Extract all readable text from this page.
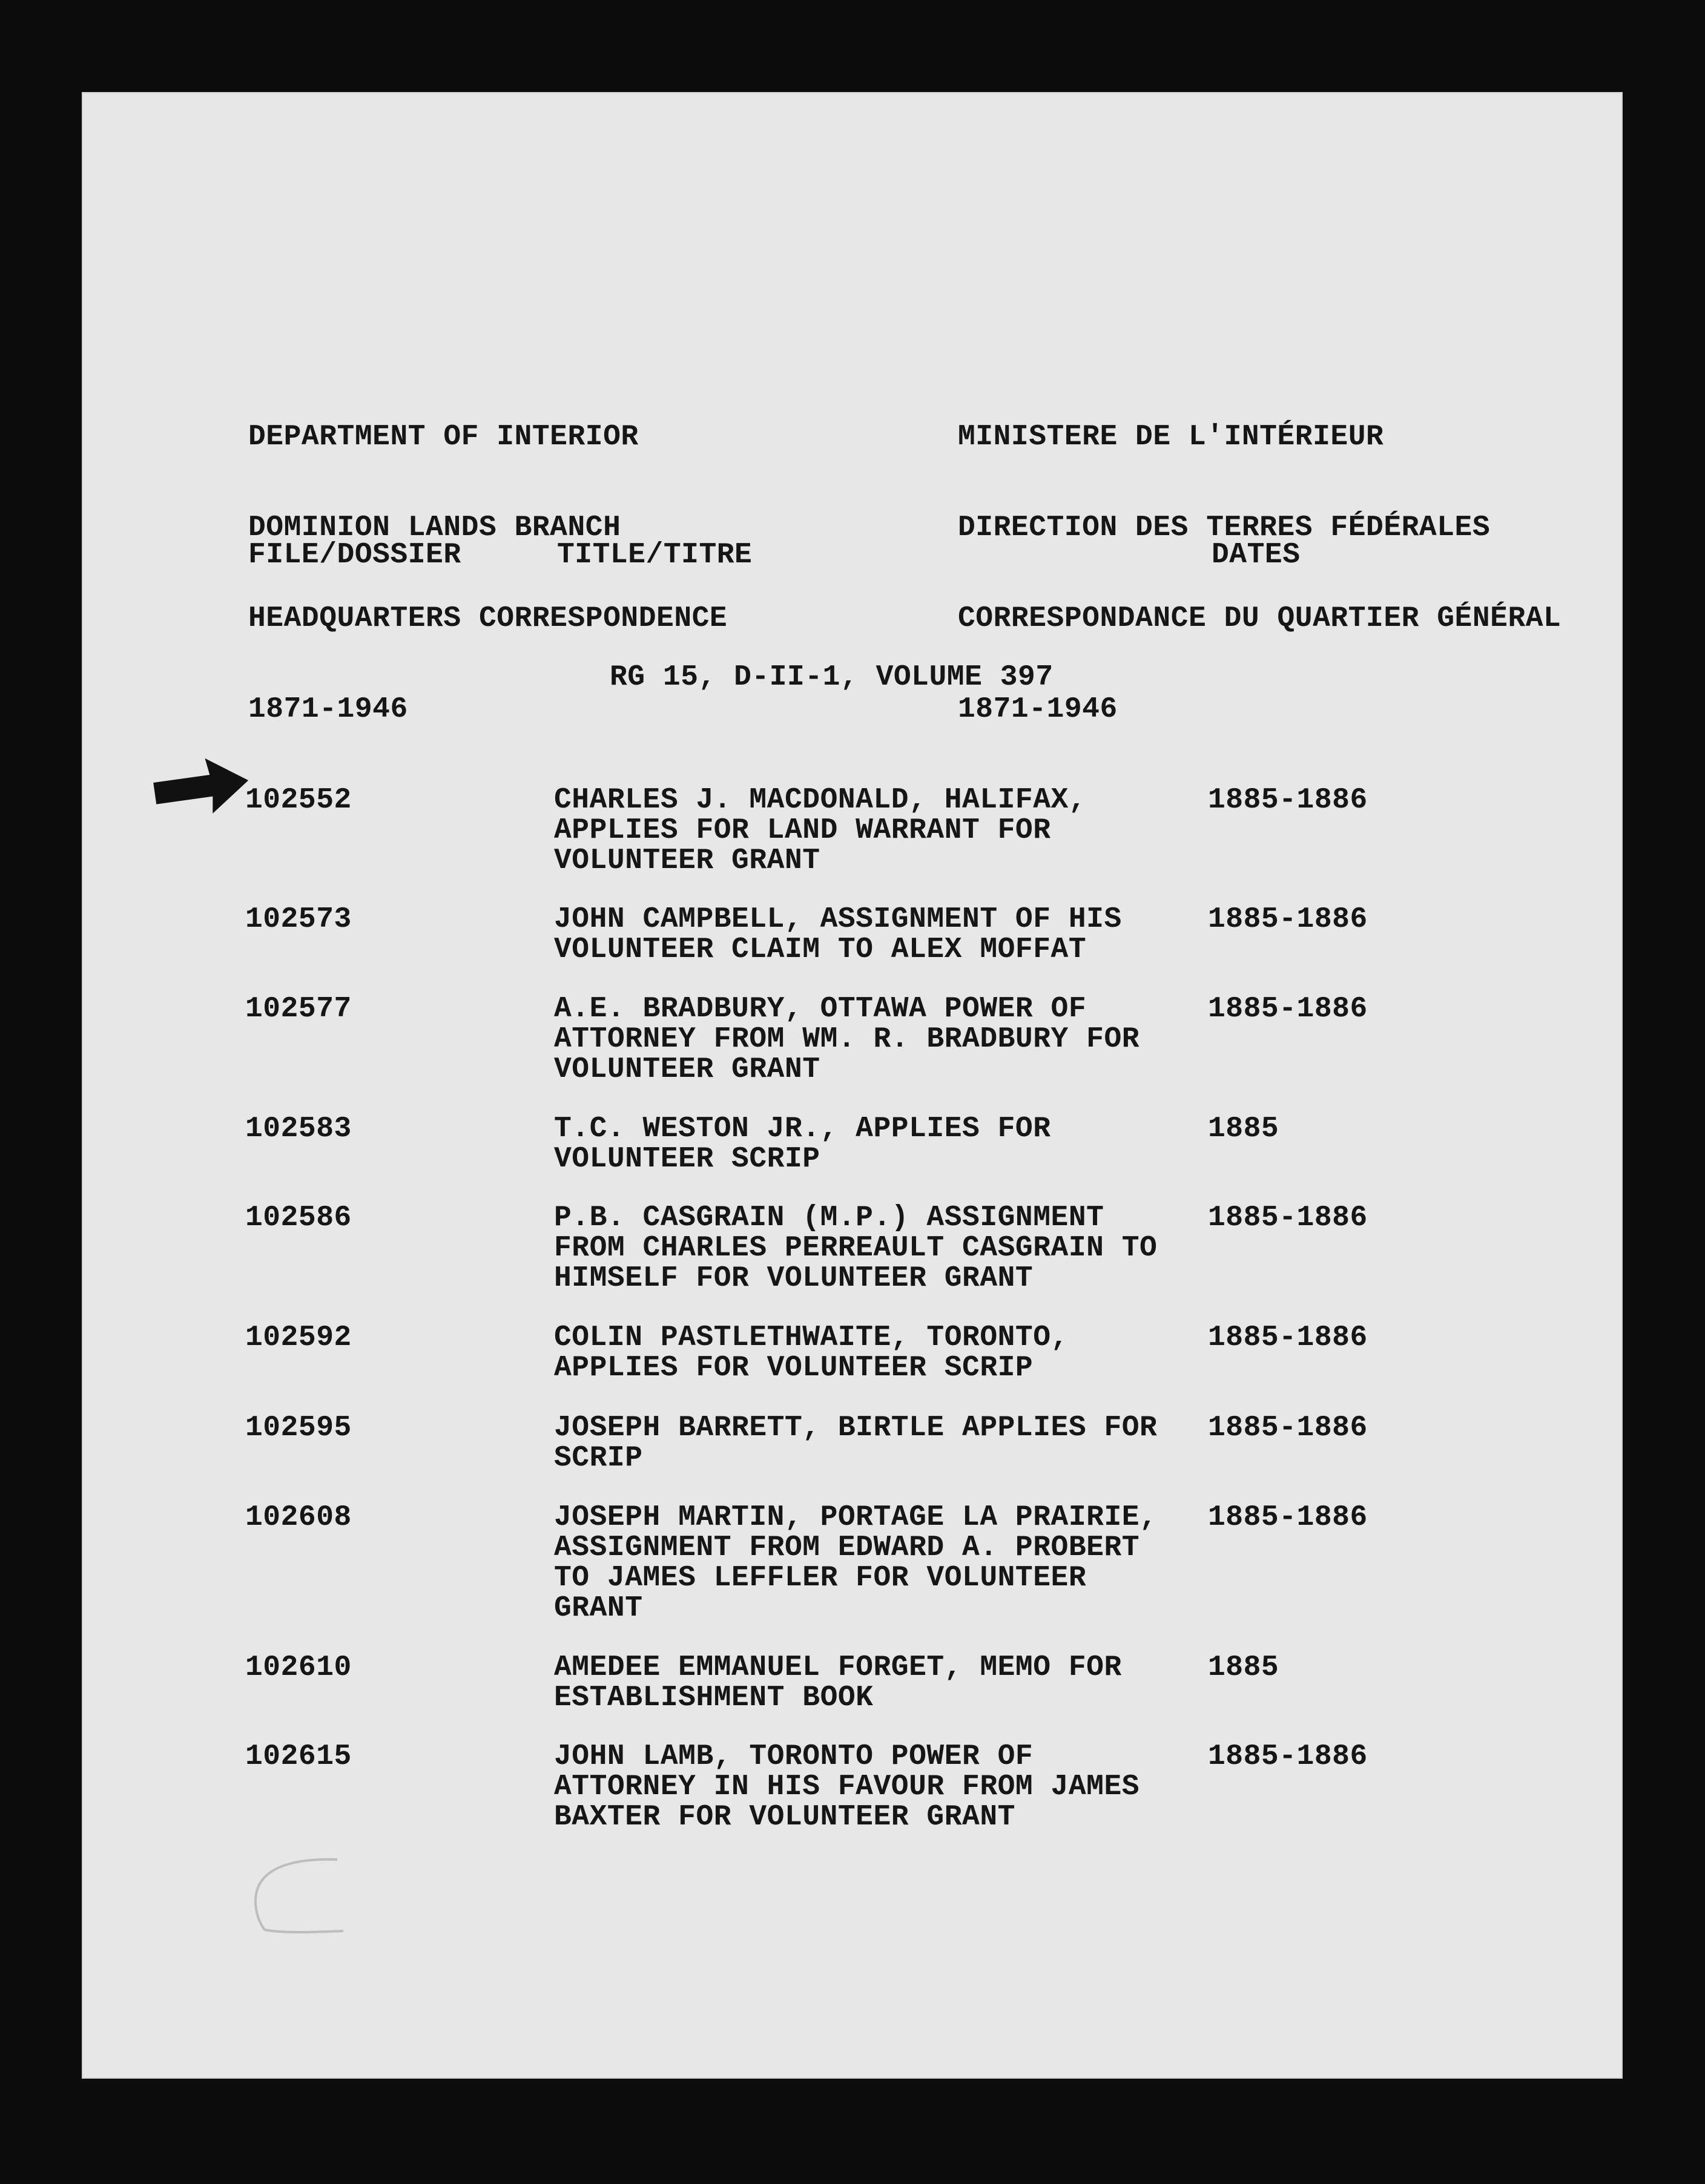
DEPARTMENT OF INTERIOR

DOMINION LANDS BRANCH

HEADQUARTERS CORRESPONDENCE

1871-1946

MINISTERE DE L'INTÉRIEUR

DIRECTION DES TERRES FÉDÉRALES

CORRESPONDANCE DU QUARTIER GÉNÉRAL

1871-1946

FILE/DOSSIER	TITLE/TITRE	DATES
RG 15, D-II-1, VOLUME 397
102552	CHARLES J. MACDONALD, HALIFAX,
APPLIES FOR LAND WARRANT FOR
VOLUNTEER GRANT
1885-1886
102573	JOHN CAMPBELL, ASSIGNMENT OF HIS
VOLUNTEER CLAIM TO ALEX MOFFAT
1885-1886
102577	A.E. BRADBURY, OTTAWA POWER OF
ATTORNEY FROM WM. R. BRADBURY FOR
VOLUNTEER GRANT
1885-1886
102583	T.C. WESTON JR., APPLIES FOR
VOLUNTEER SCRIP
1885
102586	P.B. CASGRAIN (M.P.) ASSIGNMENT
FROM CHARLES PERREAULT CASGRAIN TO
HIMSELF FOR VOLUNTEER GRANT
1885-1886
102592	COLIN PASTLETHWAITE, TORONTO,
APPLIES FOR VOLUNTEER SCRIP
1885-1886
102595	JOSEPH BARRETT, BIRTLE APPLIES FOR
SCRIP
1885-1886
102608	JOSEPH MARTIN, PORTAGE LA PRAIRIE,
ASSIGNMENT FROM EDWARD A. PROBERT
TO JAMES LEFFLER FOR VOLUNTEER
GRANT
1885-1886
102610	AMEDEE EMMANUEL FORGET, MEMO FOR
ESTABLISHMENT BOOK
1885
102615	JOHN LAMB, TORONTO POWER OF
ATTORNEY IN HIS FAVOUR FROM JAMES
BAXTER FOR VOLUNTEER GRANT
1885-1886
